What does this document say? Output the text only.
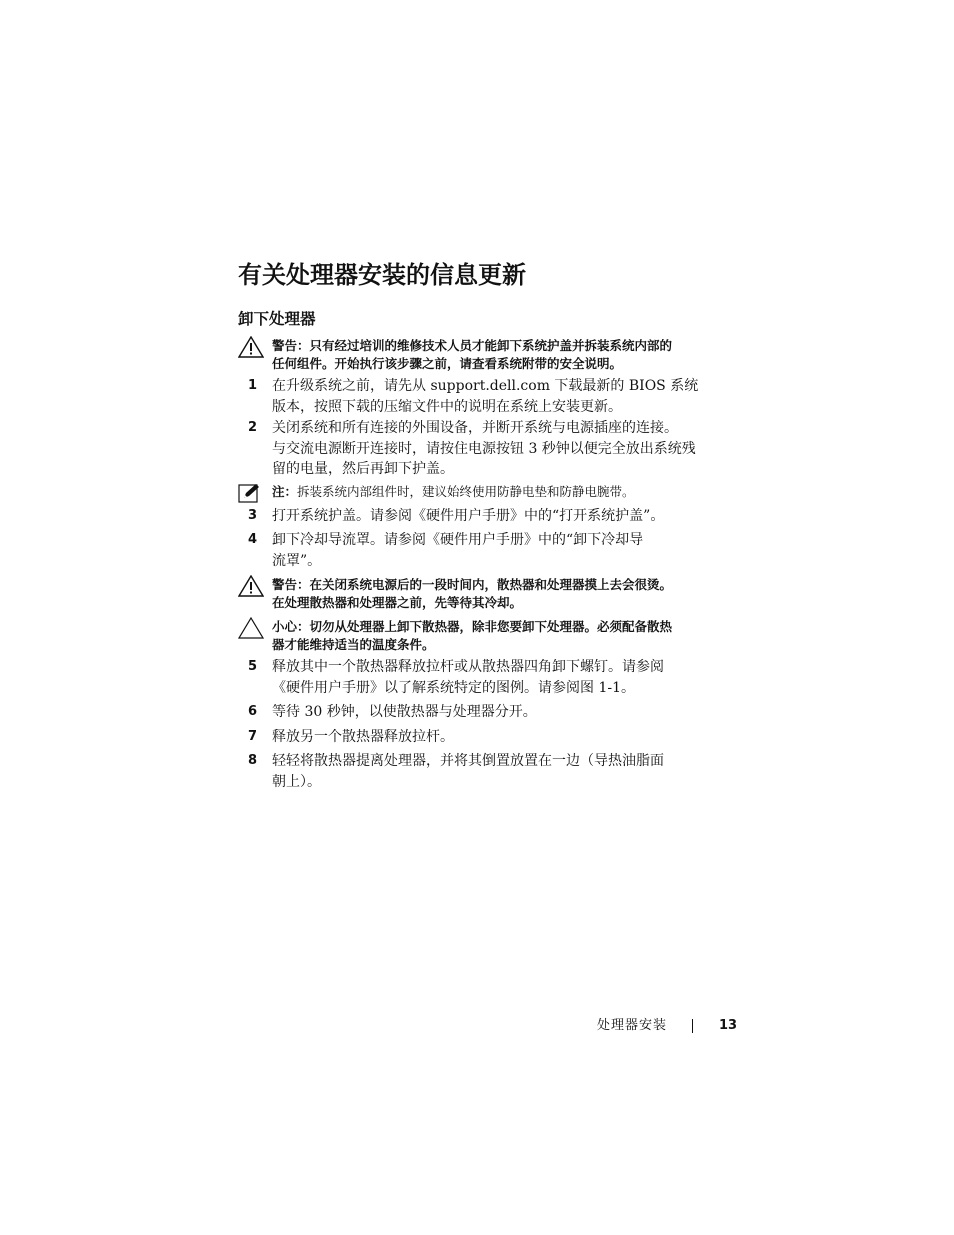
有关处理器安装的信息更新
卸下处理器
警告：只有经过培训的维修技术人员才能卸下系统护盖并拆装系统内部的
任何组件。开始执行该步骤之前，请查看系统附带的安全说明。
1 在升级系统之前，请先从 support.dell.com 下载最新的 BIOS 系统
版本，按照下载的压缩文件中的说明在系统上安装更新。
2 关闭系统和所有连接的外围设备，并断开系统与电源插座的连接。
与交流电源断开连接时，请按住电源按钮 3 秒钟以便完全放出系统残
留的电量，然后再卸下护盖。
注：拆装系统内部组件时，建议始终使用防静电垫和防静电腕带。
3 打开系统护盖。请参阅《硬件用户手册》中的“打开系统护盖”。
4 卸下冷却导流罩。请参阅《硬件用户手册》中的“卸下冷却导
流罩”。
警告：在关闭系统电源后的一段时间内，散热器和处理器摸上去会很烫。
在处理散热器和处理器之前，先等待其冷却。
小心：切勿从处理器上卸下散热器，除非您要卸下处理器。必须配备散热
器才能维持适当的温度条件。
5 释放其中一个散热器释放拉杆或从散热器四角卸下螺钉。请参阅
《硬件用户手册》以了解系统特定的图例。请参阅图 1-1。
6 等待 30 秒钟，以使散热器与处理器分开。
7 释放另一个散热器释放拉杆。
8 轻轻将散热器提离处理器，并将其倒置放置在一边（导热油脂面
朝上）。
处理器安装	13
